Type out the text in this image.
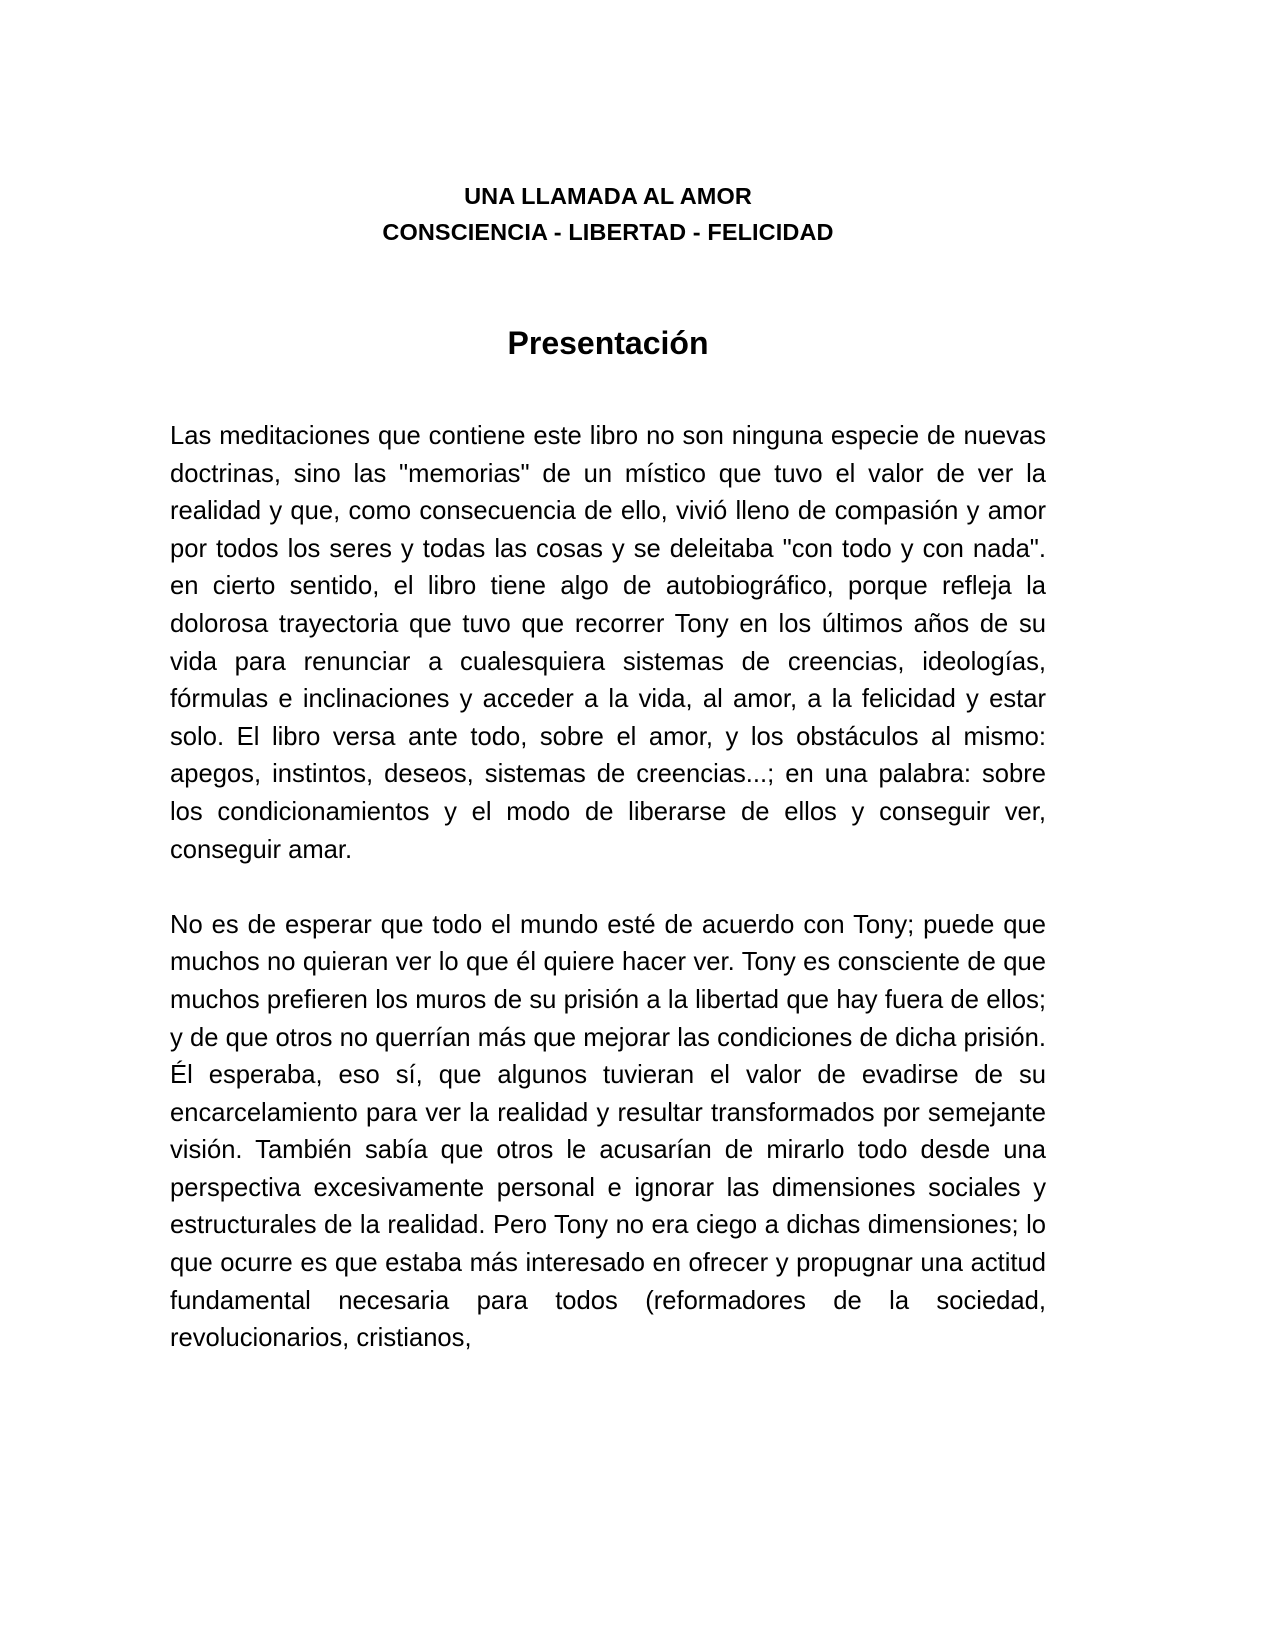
UNA LLAMADA AL AMOR
CONSCIENCIA - LIBERTAD - FELICIDAD
Presentación

Las meditaciones que contiene este libro no son ninguna especie de nuevas doctrinas, sino las "memorias" de un místico que tuvo el valor de ver la realidad y que, como consecuencia de ello, vivió lleno de compasión y amor por todos los seres y todas las cosas y se deleitaba "con todo y con nada". en cierto sentido, el libro tiene algo de autobiográfico, porque refleja la dolorosa trayectoria que tuvo que recorrer Tony en los últimos años de su vida para renunciar a cualesquiera sistemas de creencias, ideologías, fórmulas e inclinaciones y acceder a la vida, al amor, a la felicidad y estar solo. El libro versa ante todo, sobre el amor, y los obstáculos al mismo: apegos, instintos, deseos, sistemas de creencias...; en una palabra: sobre los condicionamientos y el modo de liberarse de ellos y conseguir ver, conseguir amar.

No es de esperar que todo el mundo esté de acuerdo con Tony; puede que muchos no quieran ver lo que él quiere hacer ver. Tony es consciente de que muchos prefieren los muros de su prisión a la libertad que hay fuera de ellos; y de que otros no querrían más que mejorar las condiciones de dicha prisión. Él esperaba, eso sí, que algunos tuvieran el valor de evadirse de su encarcelamiento para ver la realidad y resultar transformados por semejante visión. También sabía que otros le acusarían de mirarlo todo desde una perspectiva excesivamente personal e ignorar las dimensiones sociales y estructurales de la realidad. Pero Tony no era ciego a dichas dimensiones; lo que ocurre es que estaba más interesado en ofrecer y propugnar una actitud fundamental necesaria para todos (reformadores de la sociedad, revolucionarios, cristianos,
